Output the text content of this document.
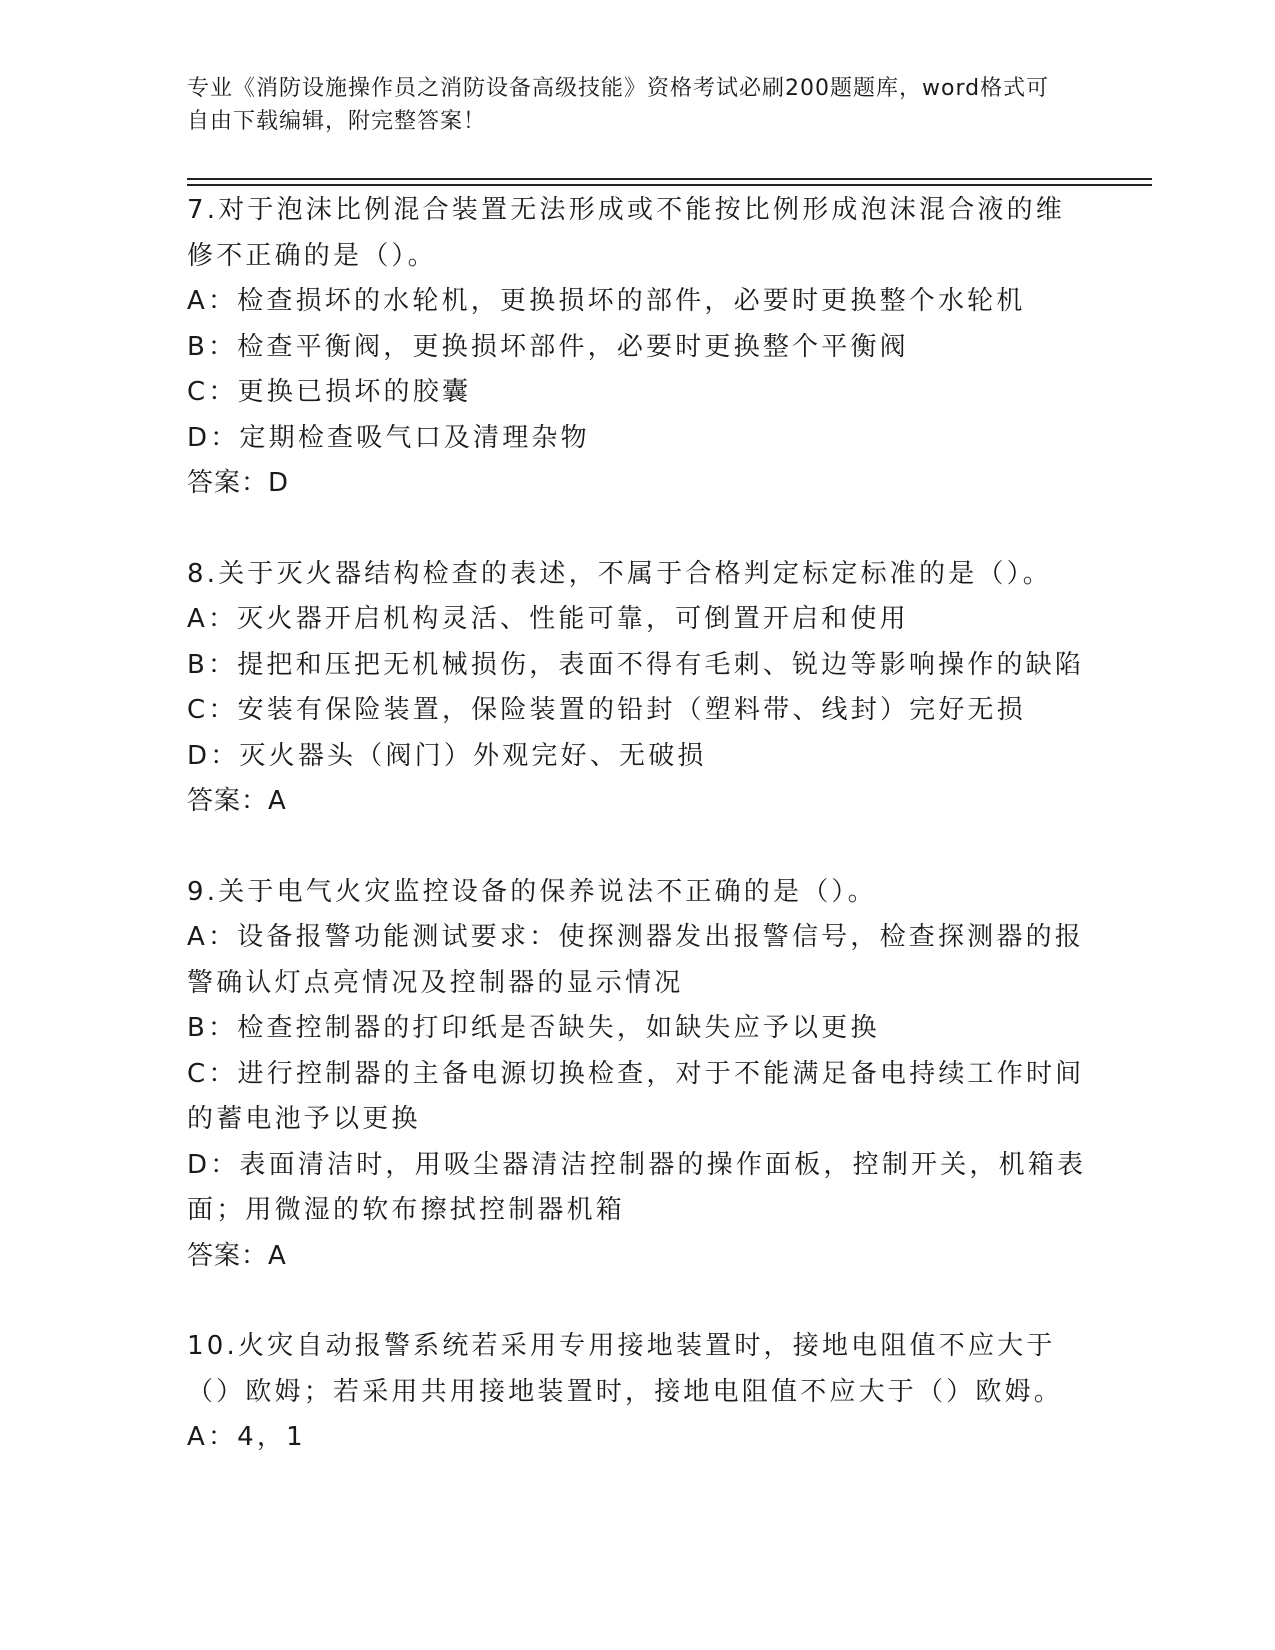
专业《消防设施操作员之消防设备高级技能》资格考试必刷200题题库，word格式可自由下载编辑，附完整答案！

7.对于泡沫比例混合装置无法形成或不能按比例形成泡沫混合液的维修不正确的是（）。

A：检查损坏的水轮机，更换损坏的部件，必要时更换整个水轮机

B：检查平衡阀，更换损坏部件，必要时更换整个平衡阀

C：更换已损坏的胶囊

D：定期检查吸气口及清理杂物

答案：D

8.关于灭火器结构检查的表述，不属于合格判定标定标准的是（）。

A：灭火器开启机构灵活、性能可靠，可倒置开启和使用

B：提把和压把无机械损伤，表面不得有毛刺、锐边等影响操作的缺陷

C：安装有保险装置，保险装置的铅封（塑料带、线封）完好无损

D：灭火器头（阀门）外观完好、无破损

答案：A

9.关于电气火灾监控设备的保养说法不正确的是（）。

A：设备报警功能测试要求：使探测器发出报警信号，检查探测器的报警确认灯点亮情况及控制器的显示情况

B：检查控制器的打印纸是否缺失，如缺失应予以更换

C：进行控制器的主备电源切换检查，对于不能满足备电持续工作时间的蓄电池予以更换

D：表面清洁时，用吸尘器清洁控制器的操作面板，控制开关，机箱表面；用微湿的软布擦拭控制器机箱

答案：A

10.火灾自动报警系统若采用专用接地装置时，接地电阻值不应大于（）欧姆；若采用共用接地装置时，接地电阻值不应大于（）欧姆。

A：4，1
